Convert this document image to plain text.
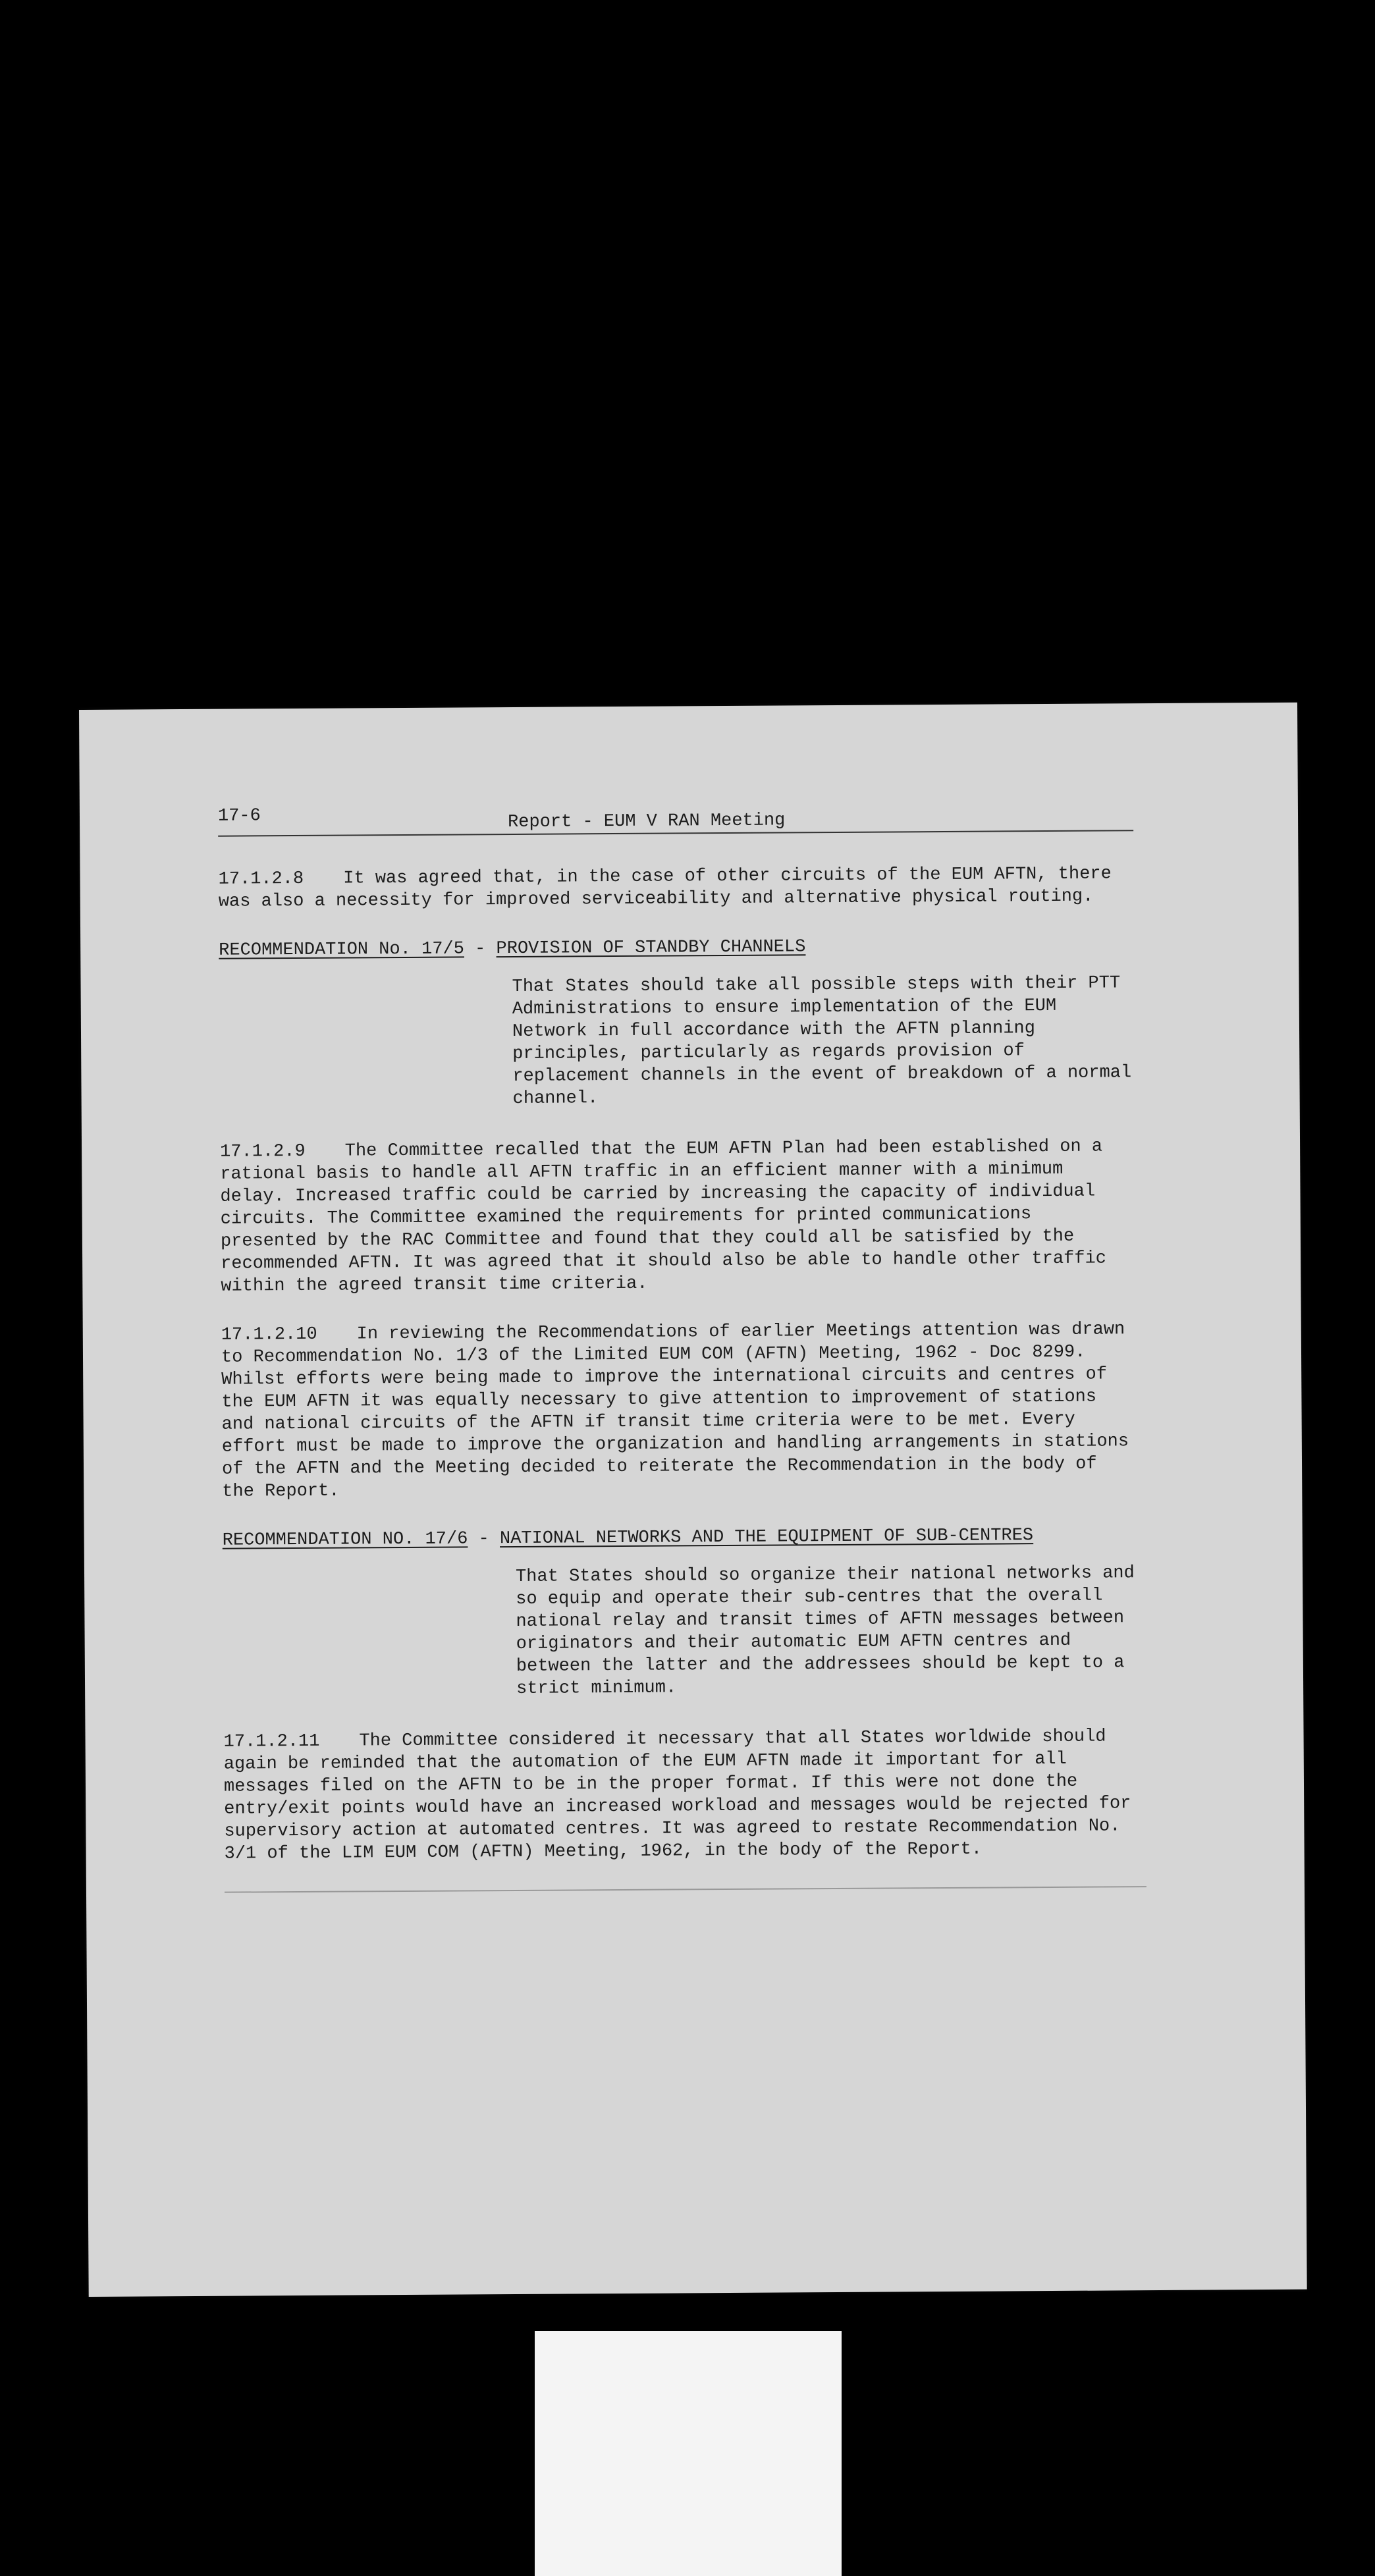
17-6	Report - EUM V RAN Meeting

17.1.2.8 It was agreed that, in the case of other circuits of the EUM AFTN, there was also a necessity for improved serviceability and alternative physical routing.

RECOMMENDATION No. 17/5 - PROVISION OF STANDBY CHANNELS

That States should take all possible steps with their PTT Administrations to ensure implementation of the EUM Network in full accordance with the AFTN planning principles, particularly as regards provision of replacement channels in the event of breakdown of a normal channel.

17.1.2.9 The Committee recalled that the EUM AFTN Plan had been established on a rational basis to handle all AFTN traffic in an efficient manner with a minimum delay. Increased traffic could be carried by increasing the capacity of individual circuits. The Committee examined the requirements for printed communications presented by the RAC Committee and found that they could all be satisfied by the recommended AFTN. It was agreed that it should also be able to handle other traffic within the agreed transit time criteria.

17.1.2.10 In reviewing the Recommendations of earlier Meetings attention was drawn to Recommendation No. 1/3 of the Limited EUM COM (AFTN) Meeting, 1962 - Doc 8299. Whilst efforts were being made to improve the international circuits and centres of the EUM AFTN it was equally necessary to give attention to improvement of stations and national circuits of the AFTN if transit time criteria were to be met. Every effort must be made to improve the organization and handling arrangements in stations of the AFTN and the Meeting decided to reiterate the Recommendation in the body of the Report.

RECOMMENDATION NO. 17/6 - NATIONAL NETWORKS AND THE EQUIPMENT OF SUB-CENTRES

That States should so organize their national networks and so equip and operate their sub-centres that the overall national relay and transit times of AFTN messages between originators and their automatic EUM AFTN centres and between the latter and the addressees should be kept to a strict minimum.

17.1.2.11 The Committee considered it necessary that all States worldwide should again be reminded that the automation of the EUM AFTN made it important for all messages filed on the AFTN to be in the proper format. If this were not done the entry/exit points would have an increased workload and messages would be rejected for supervisory action at automated centres. It was agreed to restate Recommendation No. 3/1 of the LIM EUM COM (AFTN) Meeting, 1962, in the body of the Report.
